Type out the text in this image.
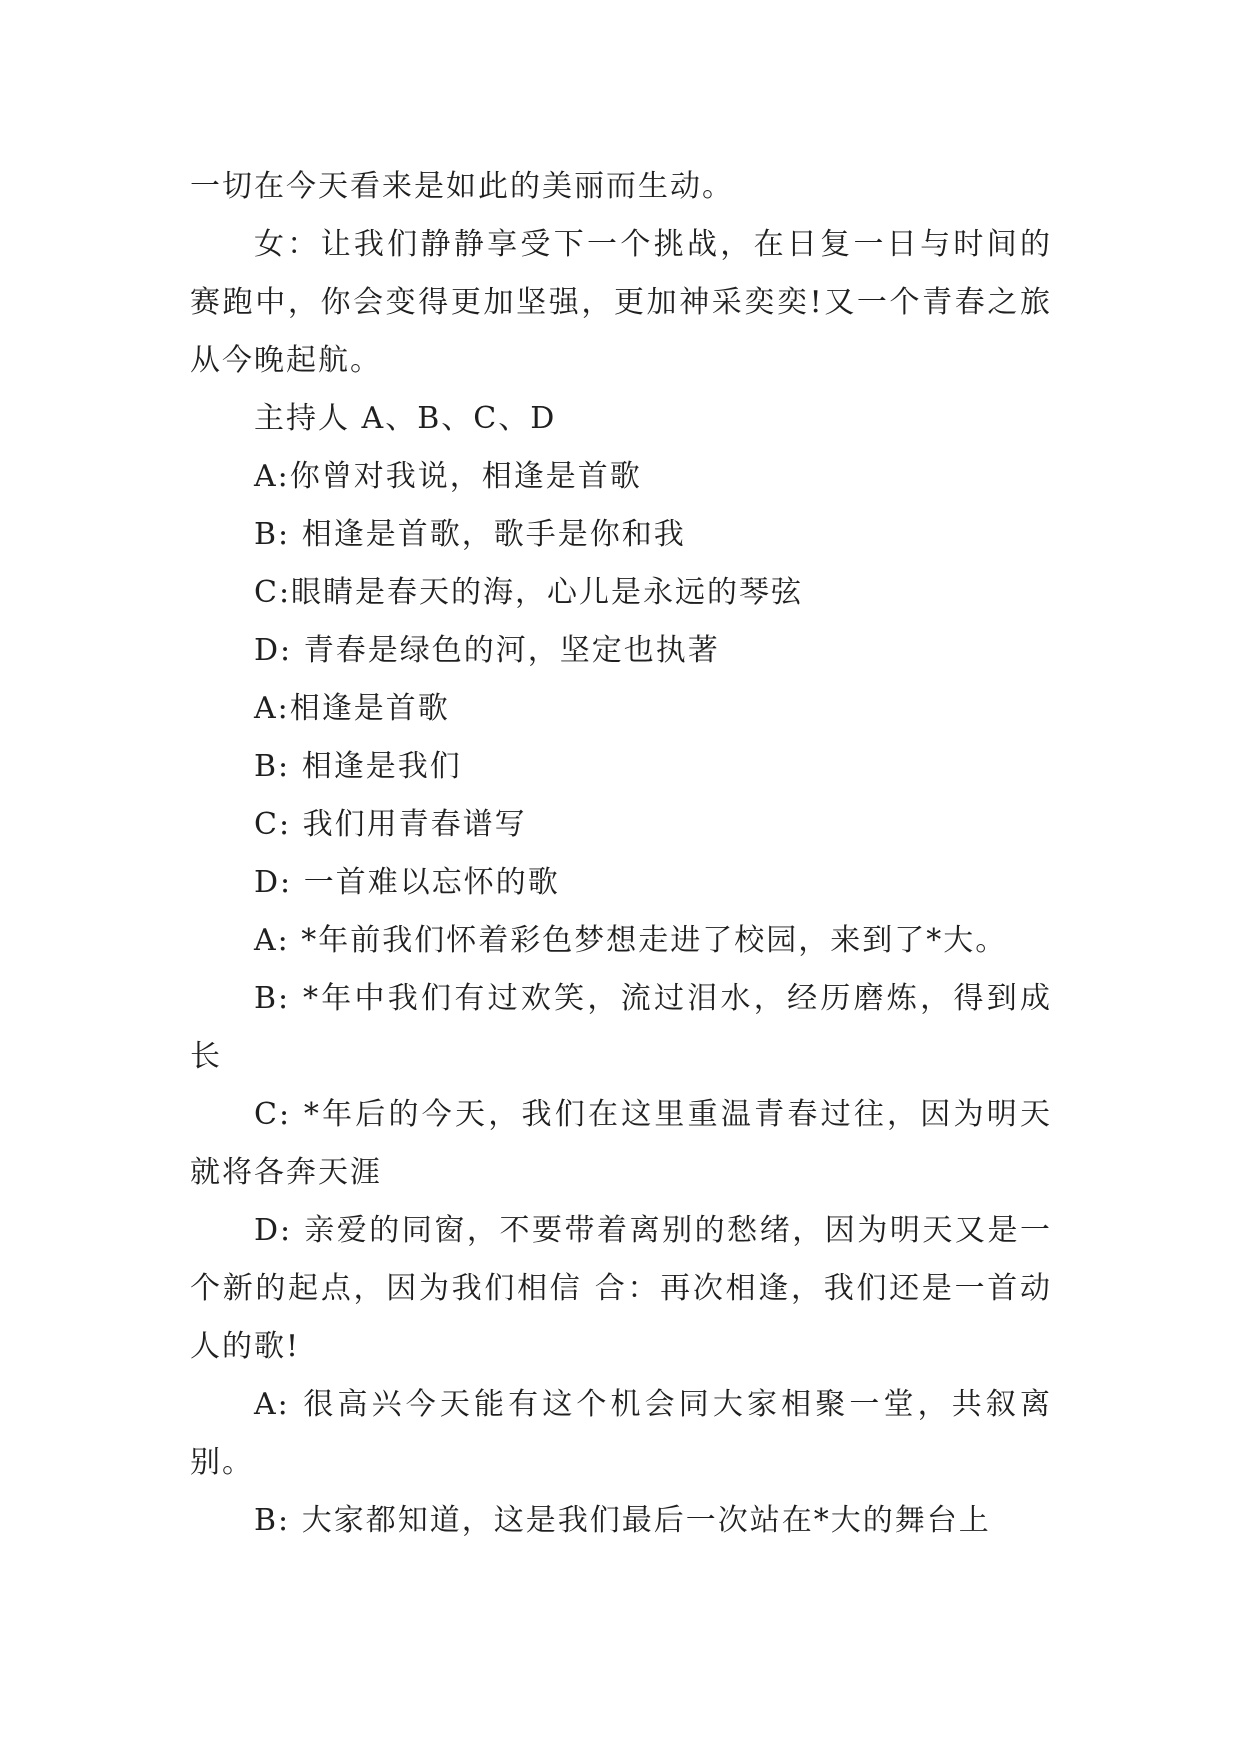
一切在今天看来是如此的美丽而生动。

女：让我们静静享受下一个挑战，在日复一日与时间的赛跑中，你会变得更加坚强，更加神采奕奕!又一个青春之旅从今晚起航。

主持人 A、B、C、D

A:你曾对我说，相逢是首歌

B: 相逢是首歌，歌手是你和我

C:眼睛是春天的海，心儿是永远的琴弦

D: 青春是绿色的河，坚定也执著

A:相逢是首歌

B: 相逢是我们

C: 我们用青春谱写

D: 一首难以忘怀的歌

A: *年前我们怀着彩色梦想走进了校园，来到了*大。

B: *年中我们有过欢笑，流过泪水，经历磨炼，得到成长

C: *年后的今天，我们在这里重温青春过往，因为明天就将各奔天涯

D: 亲爱的同窗，不要带着离别的愁绪，因为明天又是一个新的起点，因为我们相信 合：再次相逢，我们还是一首动人的歌!

A: 很高兴今天能有这个机会同大家相聚一堂，共叙离别。

B: 大家都知道，这是我们最后一次站在*大的舞台上
